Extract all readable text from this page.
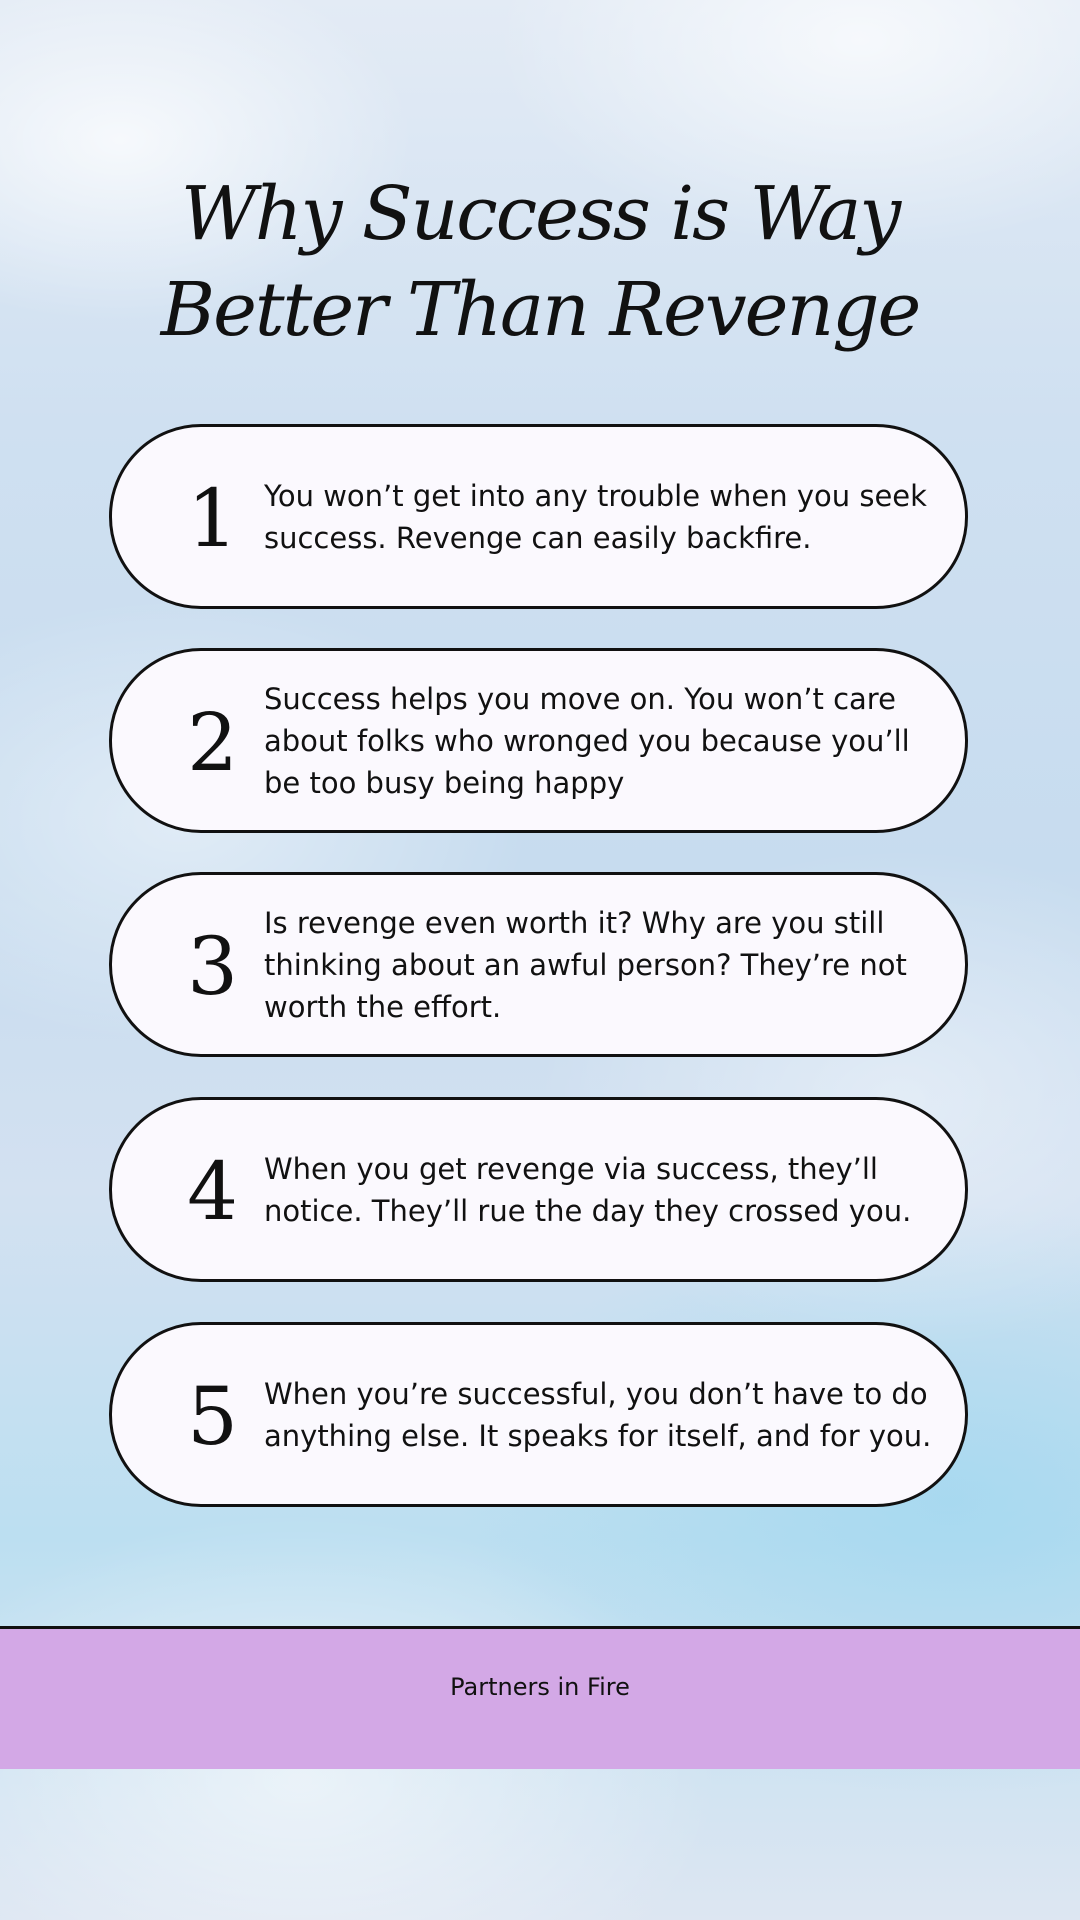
Why Success is Way Better Than Revenge
1 You won’t get into any trouble when you seek success. Revenge can easily backfire.
2 Success helps you move on. You won’t care about folks who wronged you because you’ll be too busy being happy
3 Is revenge even worth it? Why are you still thinking about an awful person? They’re not worth the effort.
4 When you get revenge via success, they’ll notice. They’ll rue the day they crossed you.
5 When you’re successful, you don’t have to do anything else. It speaks for itself, and for you.
Partners in Fire
